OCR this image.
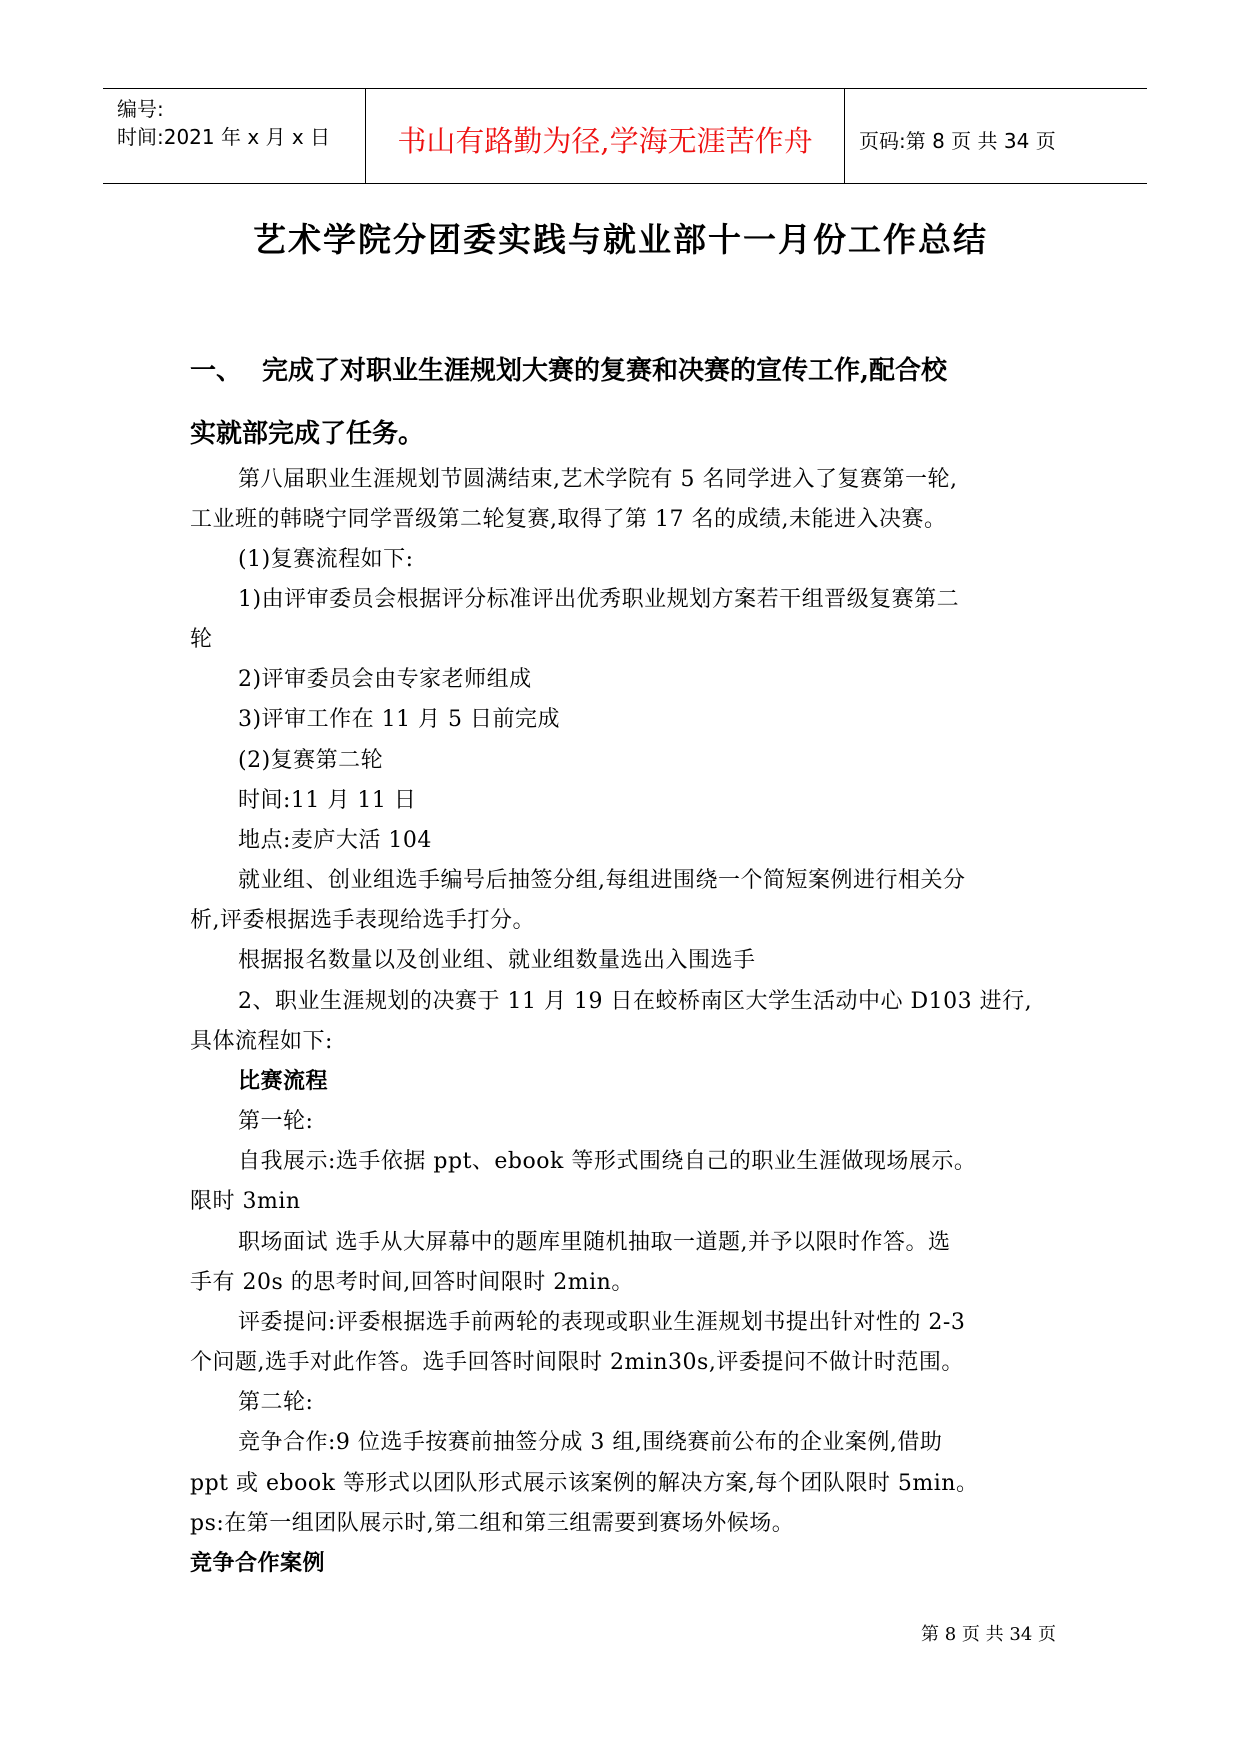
编号:
时间:2021 年 x 月 x 日	书山有路勤为径,学海无涯苦作舟	页码:第 8 页 共 34 页
艺术学院分团委实践与就业部十一月份工作总结
一、 完成了对职业生涯规划大赛的复赛和决赛的宣传工作,配合校
实就部完成了任务。
第八届职业生涯规划节圆满结束,艺术学院有 5 名同学进入了复赛第一轮,
工业班的韩晓宁同学晋级第二轮复赛,取得了第 17 名的成绩,未能进入决赛。
(1)复赛流程如下:
1)由评审委员会根据评分标准评出优秀职业规划方案若干组晋级复赛第二
轮
2)评审委员会由专家老师组成
3)评审工作在 11 月 5 日前完成
(2)复赛第二轮
时间:11 月 11 日
地点:麦庐大活 104
就业组、创业组选手编号后抽签分组,每组进围绕一个简短案例进行相关分
析,评委根据选手表现给选手打分。
根据报名数量以及创业组、就业组数量选出入围选手
2、职业生涯规划的决赛于 11 月 19 日在蛟桥南区大学生活动中心 D103 进行,
具体流程如下:
比赛流程
第一轮:
自我展示:选手依据 ppt、ebook 等形式围绕自己的职业生涯做现场展示。
限时 3min
职场面试 选手从大屏幕中的题库里随机抽取一道题,并予以限时作答。选
手有 20s 的思考时间,回答时间限时 2min。
评委提问:评委根据选手前两轮的表现或职业生涯规划书提出针对性的 2-3
个问题,选手对此作答。选手回答时间限时 2min30s,评委提问不做计时范围。
第二轮:
竞争合作:9 位选手按赛前抽签分成 3 组,围绕赛前公布的企业案例,借助
ppt 或 ebook 等形式以团队形式展示该案例的解决方案,每个团队限时 5min。
ps:在第一组团队展示时,第二组和第三组需要到赛场外候场。
竞争合作案例
第 8 页 共 34 页
